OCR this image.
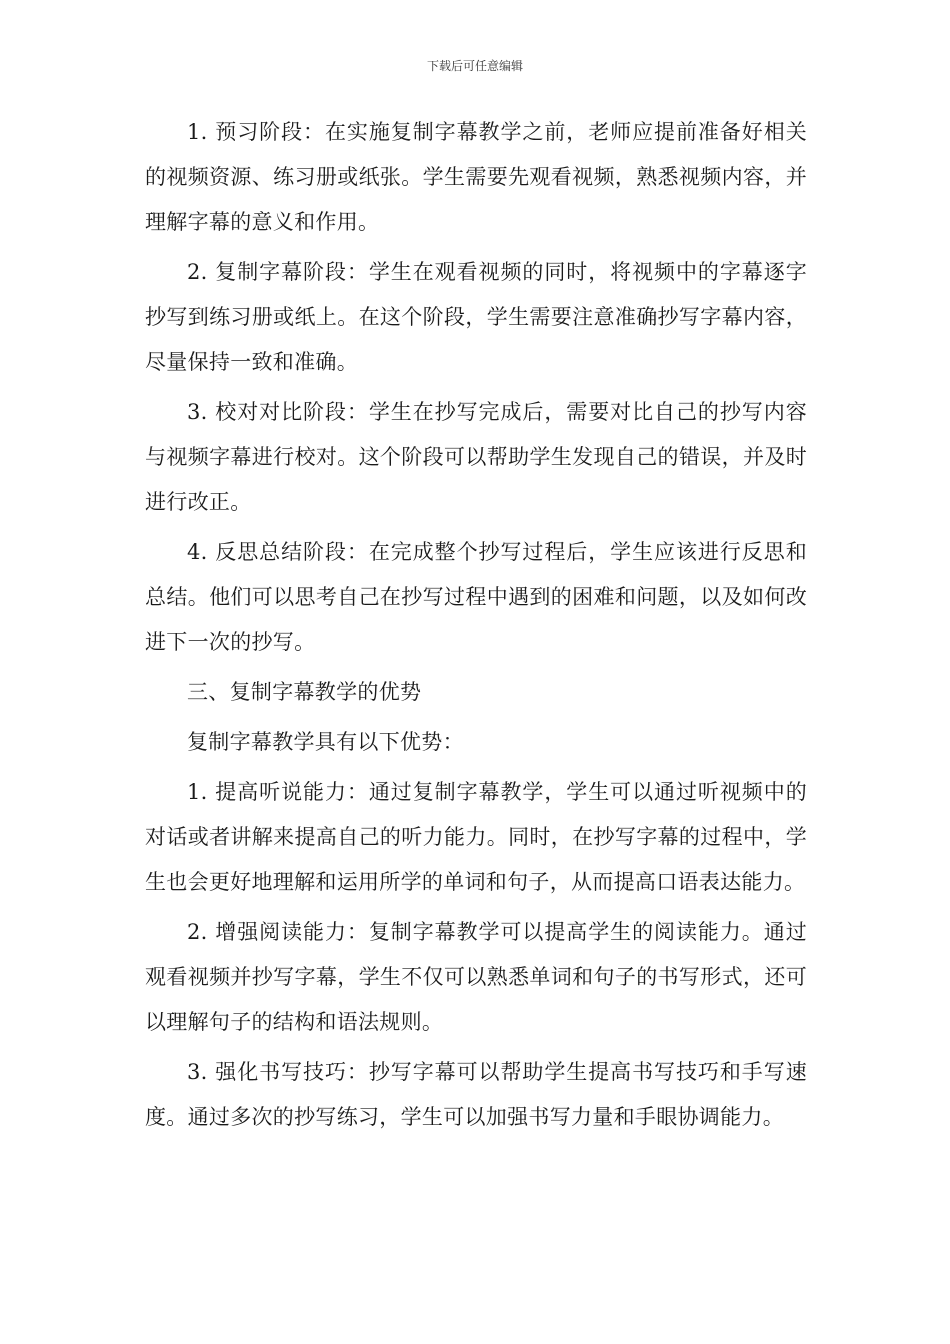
下载后可任意编辑

1. 预习阶段：在实施复制字幕教学之前，老师应提前准备好相关的视频资源、练习册或纸张。学生需要先观看视频，熟悉视频内容，并理解字幕的意义和作用。

2. 复制字幕阶段：学生在观看视频的同时，将视频中的字幕逐字抄写到练习册或纸上。在这个阶段，学生需要注意准确抄写字幕内容，尽量保持一致和准确。

3. 校对对比阶段：学生在抄写完成后，需要对比自己的抄写内容与视频字幕进行校对。这个阶段可以帮助学生发现自己的错误，并及时进行改正。

4. 反思总结阶段：在完成整个抄写过程后，学生应该进行反思和总结。他们可以思考自己在抄写过程中遇到的困难和问题，以及如何改进下一次的抄写。

三、复制字幕教学的优势

复制字幕教学具有以下优势：

1. 提高听说能力：通过复制字幕教学，学生可以通过听视频中的对话或者讲解来提高自己的听力能力。同时，在抄写字幕的过程中，学生也会更好地理解和运用所学的单词和句子，从而提高口语表达能力。

2. 增强阅读能力：复制字幕教学可以提高学生的阅读能力。通过观看视频并抄写字幕，学生不仅可以熟悉单词和句子的书写形式，还可以理解句子的结构和语法规则。

3. 强化书写技巧：抄写字幕可以帮助学生提高书写技巧和手写速度。通过多次的抄写练习，学生可以加强书写力量和手眼协调能力。
